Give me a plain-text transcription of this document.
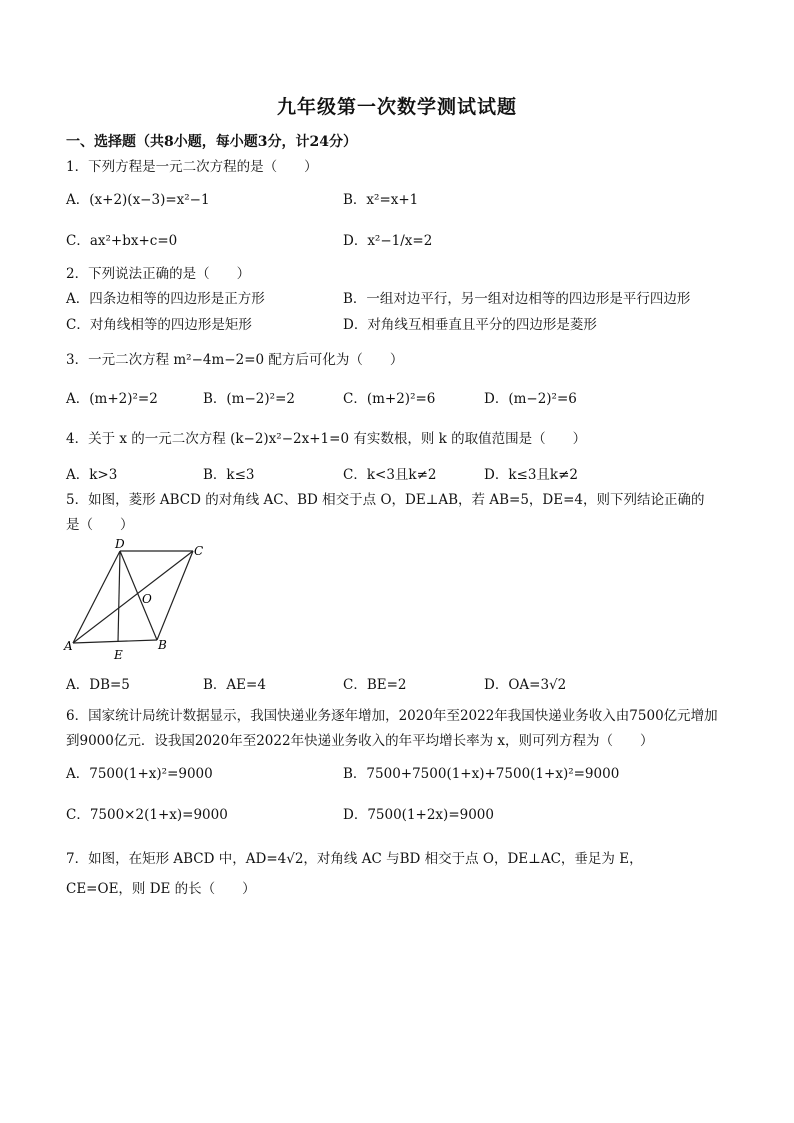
九年级第一次数学测试试题
一、选择题（共8小题，每小题3分，计24分）
1．下列方程是一元二次方程的是（　　）
A．(x+2)(x−3)=x²−1	B．x²=x+1
C．ax²+bx+c=0	D．x²−1/x=2
2．下列说法正确的是（　　）
A．四条边相等的四边形是正方形	B．一组对边平行，另一组对边相等的四边形是平行四边形
C．对角线相等的四边形是矩形	D．对角线互相垂直且平分的四边形是菱形
3．一元二次方程 m²−4m−2=0 配方后可化为（　　）
A．(m+2)²=2	B．(m−2)²=2	C．(m+2)²=6	D．(m−2)²=6
4．关于 x 的一元二次方程 (k−2)x²−2x+1=0 有实数根，则 k 的取值范围是（　　）
A．k>3	B．k≤3	C．k<3且k≠2	D．k≤3且k≠2
5．如图，菱形 ABCD 的对角线 AC、BD 相交于点 O，DE⊥AB，若 AB=5，DE=4，则下列结论正确的
是（　　）
D	C
O
A	B
E
A．DB=5	B．AE=4	C．BE=2	D．OA=3√2
6．国家统计局统计数据显示，我国快递业务逐年增加，2020年至2022年我国快递业务收入由7500亿元增加
到9000亿元．设我国2020年至2022年快递业务收入的年平均增长率为 x，则可列方程为（　　）
A．7500(1+x)²=9000	B．7500+7500(1+x)+7500(1+x)²=9000
C．7500×2(1+x)=9000	D．7500(1+2x)=9000
7．如图，在矩形 ABCD 中，AD=4√2，对角线 AC 与BD 相交于点 O，DE⊥AC，垂足为 E，
CE=OE，则 DE 的长（　　）
